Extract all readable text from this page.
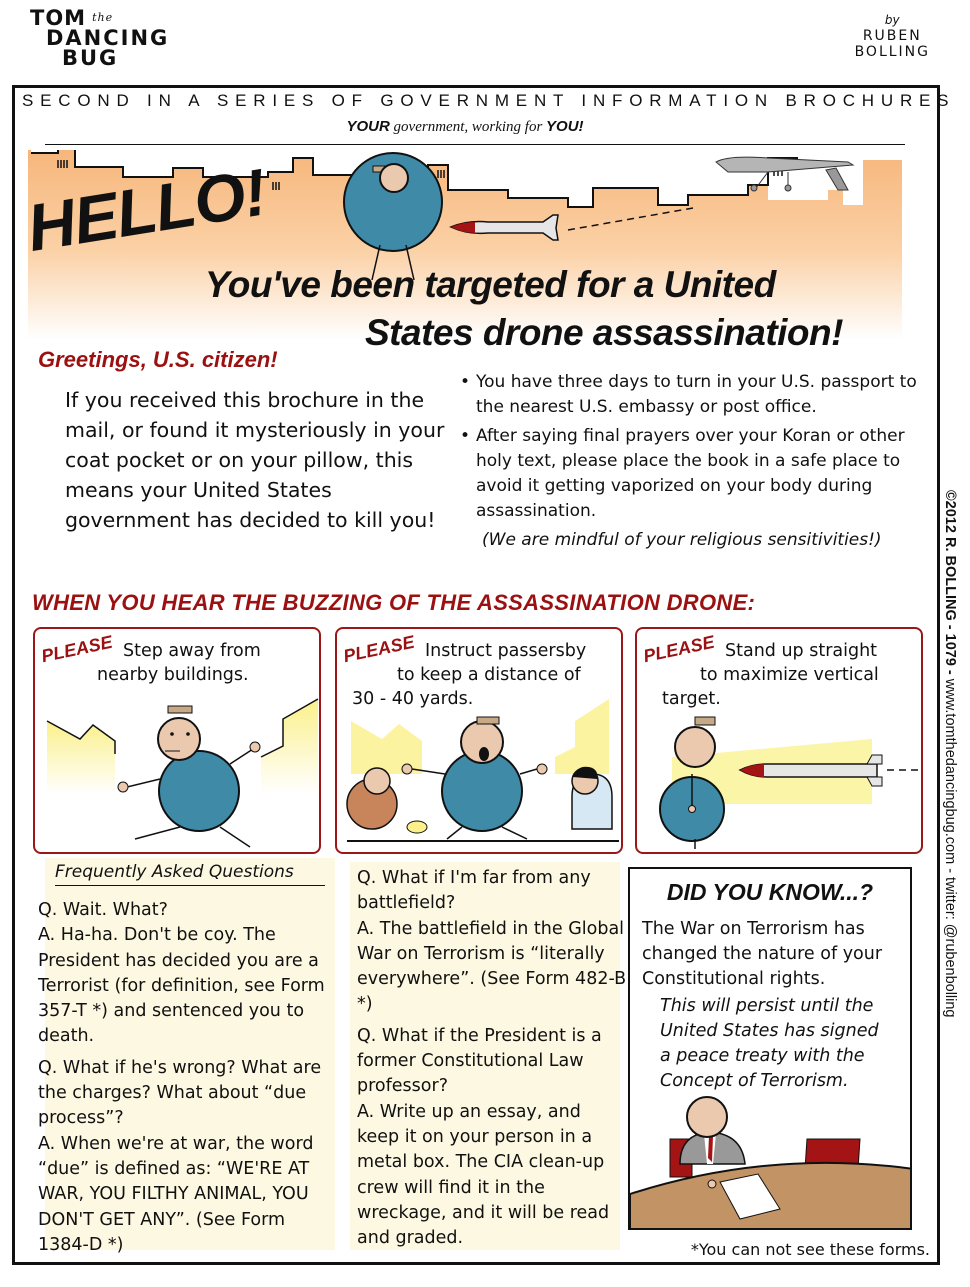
TOM $^{the}$
DANCING
BUG
by
RUBEN
BOLLING
SECOND IN A SERIES OF GOVERNMENT INFORMATION BROCHURES
YOUR government, working for YOU!
HELLO!
You've been targeted for a United
States drone assassination!
Greetings, U.S. citizen!
If you received this brochure in the mail, or found it mysteriously in your coat pocket or on your pillow, this means your United States government has decided to kill you!
• You have three days to turn in your U.S. passport to the nearest U.S. embassy or post office.
• After saying final prayers over your Koran or other holy text, please place the book in a safe place to avoid it getting vaporized on your body during assassination.
(We are mindful of your religious sensitivities!)
WHEN YOU HEAR THE BUZZING OF THE ASSASSINATION DRONE:
PLEASE Step away from
nearby buildings.
PLEASE Instruct passersby
to keep a distance of
30 - 40 yards.
PLEASE Stand up straight
to maximize vertical
target.
Frequently Asked Questions
Q. Wait. What?
A. Ha-ha. Don't be coy. The President has decided you are a Terrorist (for definition, see Form 357-T *) and sentenced you to death.
Q. What if he's wrong? What are the charges? What about “due process”?
A. When we're at war, the word “due” is defined as: “WE'RE AT WAR, YOU FILTHY ANIMAL, YOU DON'T GET ANY”. (See Form 1384-D *)
Q. What if I'm far from any battlefield?
A. The battlefield in the Global War on Terrorism is “literally everywhere”. (See Form 482-B *)
Q. What if the President is a former Constitutional Law professor?
A. Write up an essay, and keep it on your person in a metal box. The CIA clean-up crew will find it in the wreckage, and it will be read and graded.
DID YOU KNOW...?
The War on Terrorism has changed the nature of your Constitutional rights.
This will persist until the United States has signed a peace treaty with the Concept of Terrorism.
*You can not see these forms.
©2012 R. BOLLING - 1079 - www.tomthedancingbug.com - twitter: @rubenbolling
